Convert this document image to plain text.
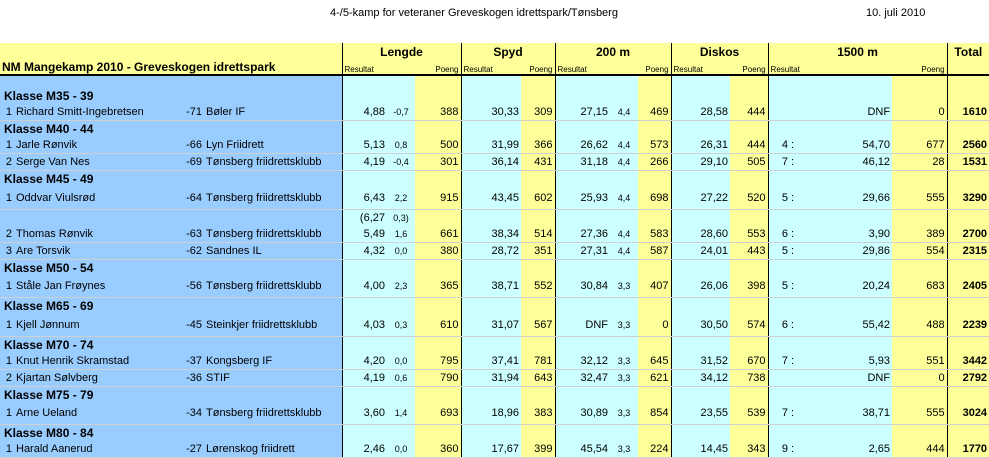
4-/5-kamp for veteraner Greveskogen idrettspark/Tønsberg	10. juli 2010
				Lengde			Spyd		200 m			Diskos		1500 m				Total
NM Mangekamp 2010 - Greveskogen idrettspark				Resultat		Poeng	Resultat	Poeng	Resultat		Poeng	Resultat	Poeng	Resultat			Poeng	

Klasse M35 - 39																		
1	Richard Smitt-Ingebretsen	-71	Bøler IF	4,88	-0,7	388	30,33	309	27,15	4,4	469	28,58	444		DNF		0	1610
Klasse M40 - 44																		
1	Jarle Rønvik	-66	Lyn Friidrett	5,13	0,8	500	31,99	366	26,62	4,4	573	26,31	444	4 :	54,70		677	2560
2	Serge Van Nes	-69	Tønsberg friidrettsklubb	4,19	-0,4	301	36,14	431	31,18	4,4	266	29,10	505	7 :	46,12		28	1531
Klasse M45 - 49																		
1	Oddvar Viulsrød	-64	Tønsberg friidrettsklubb	6,43	2,2	915	43,45	602	25,93	4,4	698	27,22	520	5 :	29,66		555	3290
				(6,27	0,3)													
2	Thomas Rønvik	-63	Tønsberg friidrettsklubb	5,49	1,6	661	38,34	514	27,36	4,4	583	28,60	553	6 :	3,90		389	2700
3	Are Torsvik	-62	Sandnes IL	4,32	0,0	380	28,72	351	27,31	4,4	587	24,01	443	5 :	29,86		554	2315
Klasse M50 - 54																		
1	Ståle Jan Frøynes	-56	Tønsberg friidrettsklubb	4,00	2,3	365	38,71	552	30,84	3,3	407	26,06	398	5 :	20,24		683	2405
Klasse M65 - 69																		
1	Kjell Jønnum	-45	Steinkjer friidrettsklubb	4,03	0,3	610	31,07	567	DNF	3,3	0	30,50	574	6 :	55,42		488	2239
Klasse M70 - 74																		
1	Knut Henrik Skramstad	-37	Kongsberg IF	4,20	0,0	795	37,41	781	32,12	3,3	645	31,52	670	7 :	5,93		551	3442
2	Kjartan Sølvberg	-36	STIF	4,19	0,6	790	31,94	643	32,47	3,3	621	34,12	738		DNF		0	2792
Klasse M75 - 79																		
1	Arne Ueland	-34	Tønsberg friidrettsklubb	3,60	1,4	693	18,96	383	30,89	3,3	854	23,55	539	7 :	38,71		555	3024
Klasse M80 - 84																		
1	Harald Aanerud	-27	Lørenskog friidrett	2,46	0,0	360	17,67	399	45,54	3,3	224	14,45	343	9 :	2,65		444	1770
